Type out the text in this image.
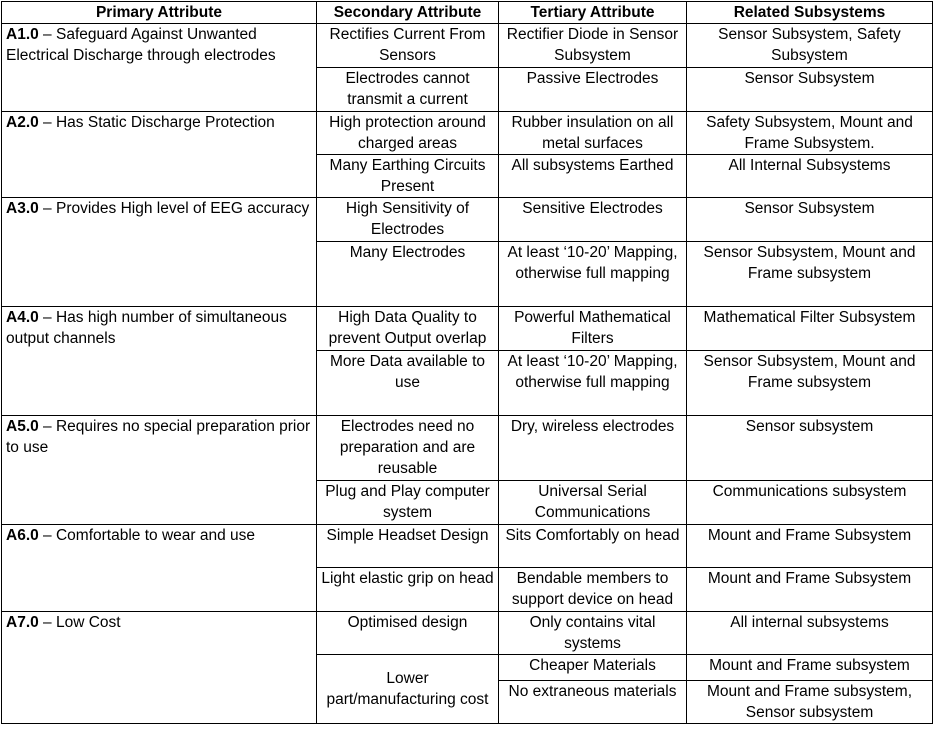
Primary Attribute	Secondary Attribute	Tertiary Attribute	Related Subsystems
A1.0 – Safeguard Against Unwanted Electrical Discharge through electrodes	Rectifies Current From Sensors	Rectifier Diode in Sensor Subsystem	Sensor Subsystem, Safety Subsystem
	Electrodes cannot transmit a current	Passive Electrodes	Sensor Subsystem
A2.0 – Has Static Discharge Protection	High protection around charged areas	Rubber insulation on all metal surfaces	Safety Subsystem, Mount and Frame Subsystem.
	Many Earthing Circuits Present	All subsystems Earthed	All Internal Subsystems
A3.0 – Provides High level of EEG accuracy	High Sensitivity of Electrodes	Sensitive Electrodes	Sensor Subsystem
	Many Electrodes	At least ‘10-20’ Mapping, otherwise full mapping	Sensor Subsystem, Mount and Frame subsystem
A4.0 – Has high number of simultaneous output channels	High Data Quality to prevent Output overlap	Powerful Mathematical Filters	Mathematical Filter Subsystem
	More Data available to use	At least ‘10-20’ Mapping, otherwise full mapping	Sensor Subsystem, Mount and Frame subsystem
A5.0 – Requires no special preparation prior to use	Electrodes need no preparation and are reusable	Dry, wireless electrodes	Sensor subsystem
	Plug and Play computer system	Universal Serial Communications	Communications subsystem
A6.0 – Comfortable to wear and use	Simple Headset Design	Sits Comfortably on head	Mount and Frame Subsystem
	Light elastic grip on head	Bendable members to support device on head	Mount and Frame Subsystem
A7.0 – Low Cost	Optimised design	Only contains vital systems	All internal subsystems
	Lower part/manufacturing cost	Cheaper Materials	Mount and Frame subsystem
		No extraneous materials	Mount and Frame subsystem, Sensor subsystem
